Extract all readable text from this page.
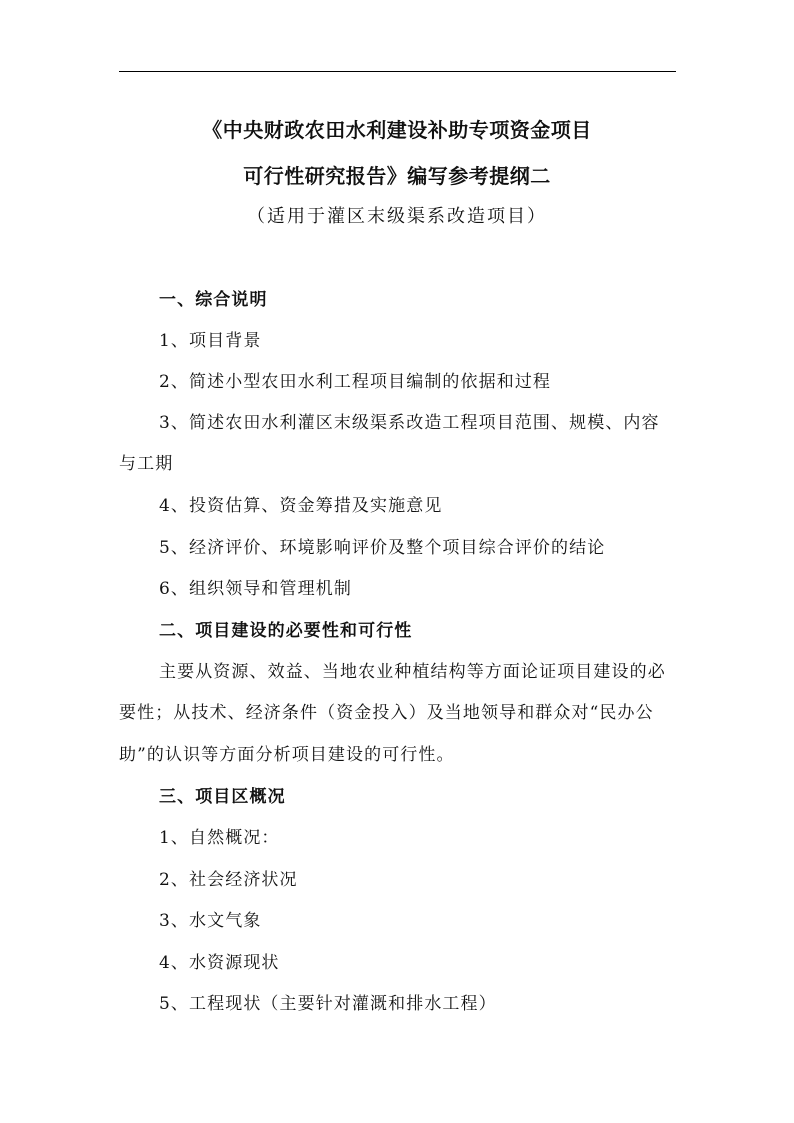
《中央财政农田水利建设补助专项资金项目
可行性研究报告》编写参考提纲二
（适用于灌区末级渠系改造项目）
一、综合说明
1、项目背景
2、简述小型农田水利工程项目编制的依据和过程
3、简述农田水利灌区末级渠系改造工程项目范围、规模、内容
与工期
4、投资估算、资金筹措及实施意见
5、经济评价、环境影响评价及整个项目综合评价的结论
6、组织领导和管理机制
二、项目建设的必要性和可行性
主要从资源、效益、当地农业种植结构等方面论证项目建设的必
要性；从技术、经济条件（资金投入）及当地领导和群众对“民办公
助”的认识等方面分析项目建设的可行性。
三、项目区概况
1、自然概况：
2、社会经济状况
3、水文气象
4、水资源现状
5、工程现状（主要针对灌溉和排水工程）
